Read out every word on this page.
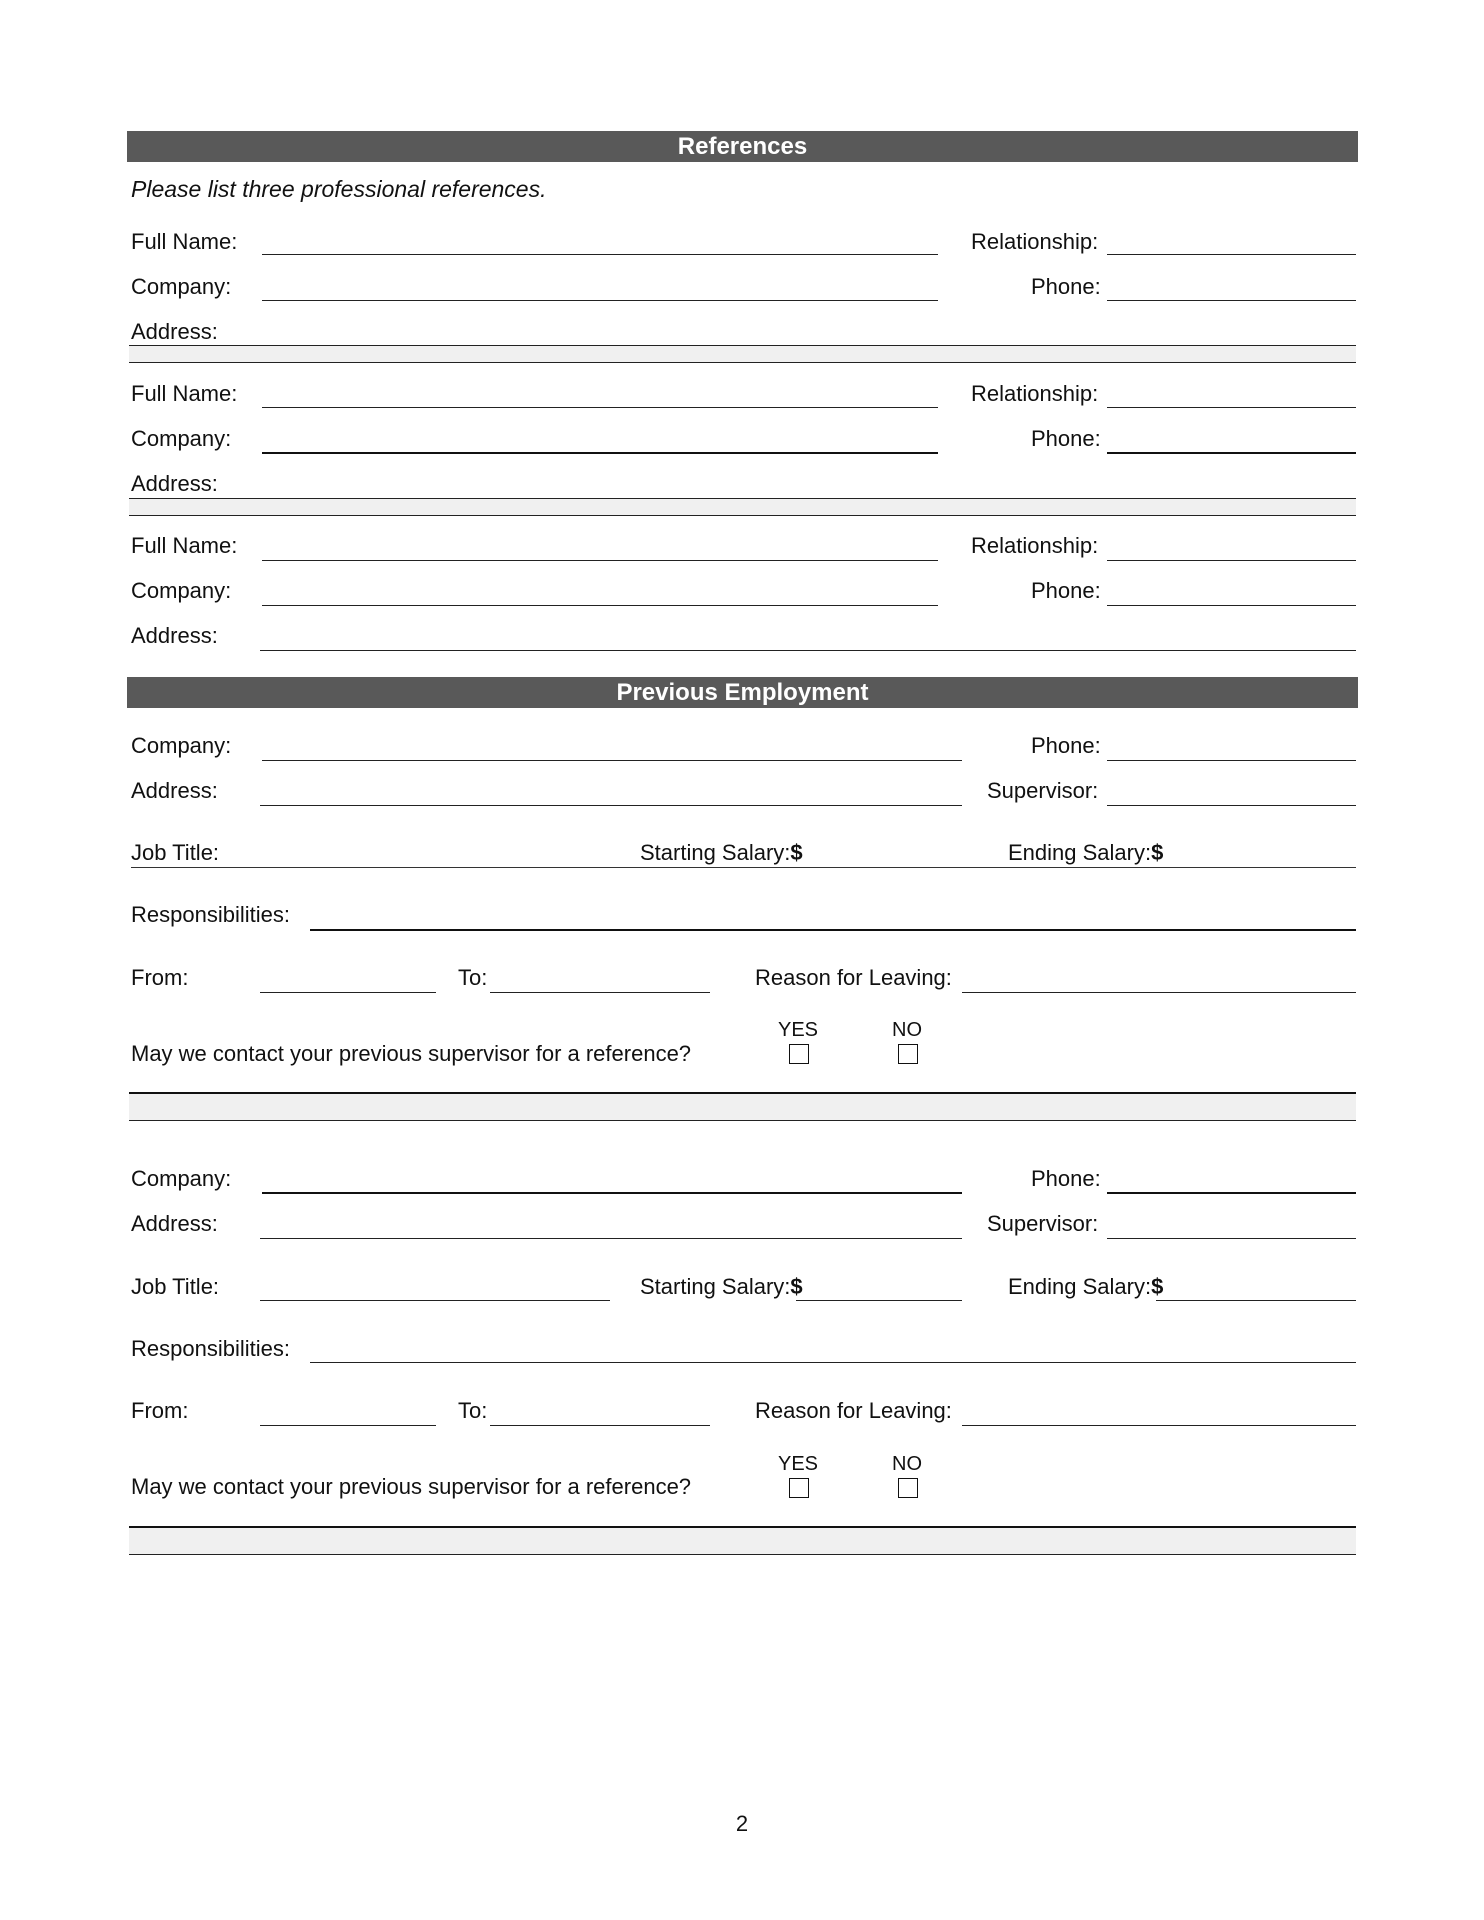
References
Please list three professional references.
Full Name:	Relationship:
Company:	Phone:
Address:
Full Name:	Relationship:
Company:	Phone:
Address:
Full Name:	Relationship:
Company:	Phone:
Address:
Previous Employment
Company:	Phone:
Address:	Supervisor:
Job Title:	Starting Salary:$	Ending Salary:$
Responsibilities:
From:	To:	Reason for Leaving:
May we contact your previous supervisor for a reference?
YES	NO
Company:	Phone:
Address:	Supervisor:
Job Title:	Starting Salary:$	Ending Salary:$
Responsibilities:
From:	To:	Reason for Leaving:
May we contact your previous supervisor for a reference?
YES	NO
2
